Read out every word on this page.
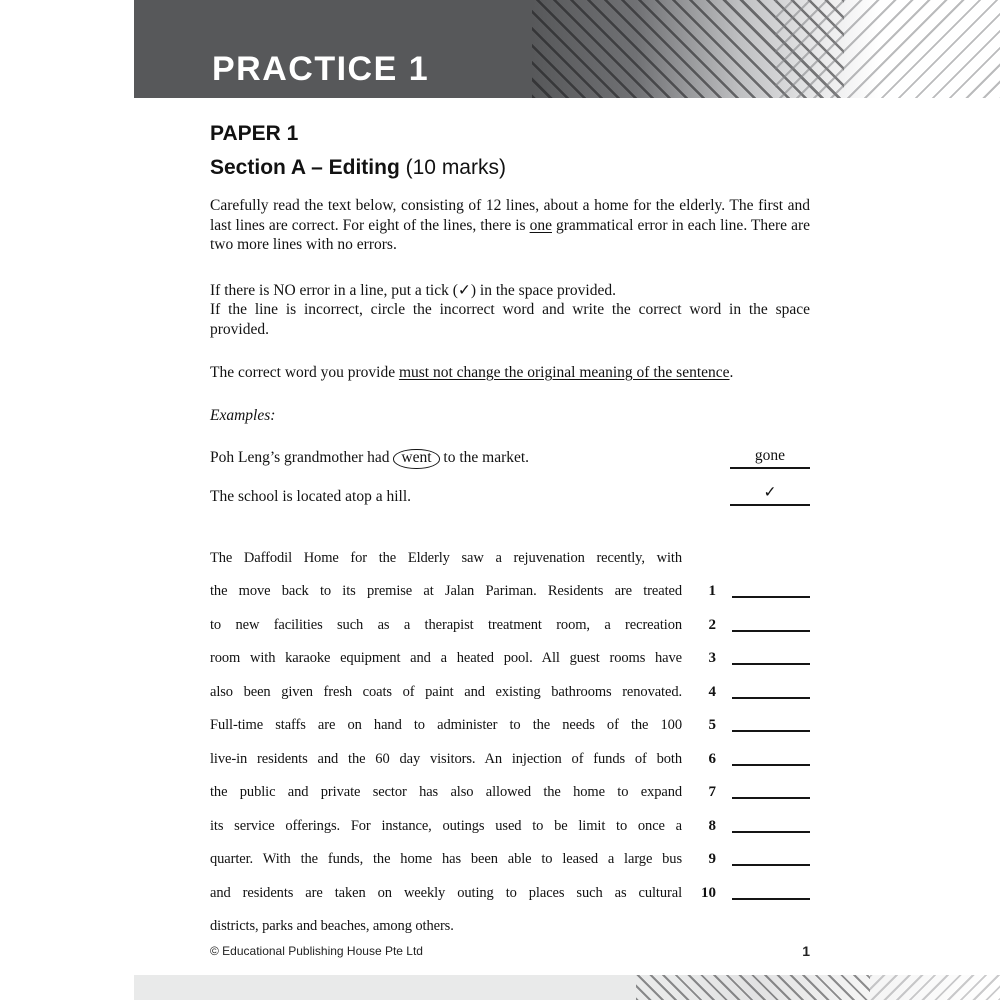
PRACTICE 1
PAPER 1
Section A – Editing (10 marks)

Carefully read the text below, consisting of 12 lines, about a home for the elderly. The first and last lines are correct. For eight of the lines, there is one grammatical error in each line. There are two more lines with no errors.

If there is NO error in a line, put a tick (✓) in the space provided.
If the line is incorrect, circle the incorrect word and write the correct word in the space provided.

The correct word you provide must not change the original meaning of the sentence.

Examples:
Poh Leng’s grandmother had went to the market.	gone
The school is located atop a hill.	✓
The Daffodil Home for the Elderly saw a rejuvenation recently, with
the move back to its premise at Jalan Pariman. Residents are treated	1
to new facilities such as a therapist treatment room, a recreation	2
room with karaoke equipment and a heated pool. All guest rooms have	3
also been given fresh coats of paint and existing bathrooms renovated.	4
Full-time staffs are on hand to administer to the needs of the 100	5
live-in residents and the 60 day visitors. An injection of funds of both	6
the public and private sector has also allowed the home to expand	7
its service offerings. For instance, outings used to be limit to once a	8
quarter. With the funds, the home has been able to leased a large bus	9
and residents are taken on weekly outing to places such as cultural	10
districts, parks and beaches, among others.
© Educational Publishing House Pte Ltd	1
